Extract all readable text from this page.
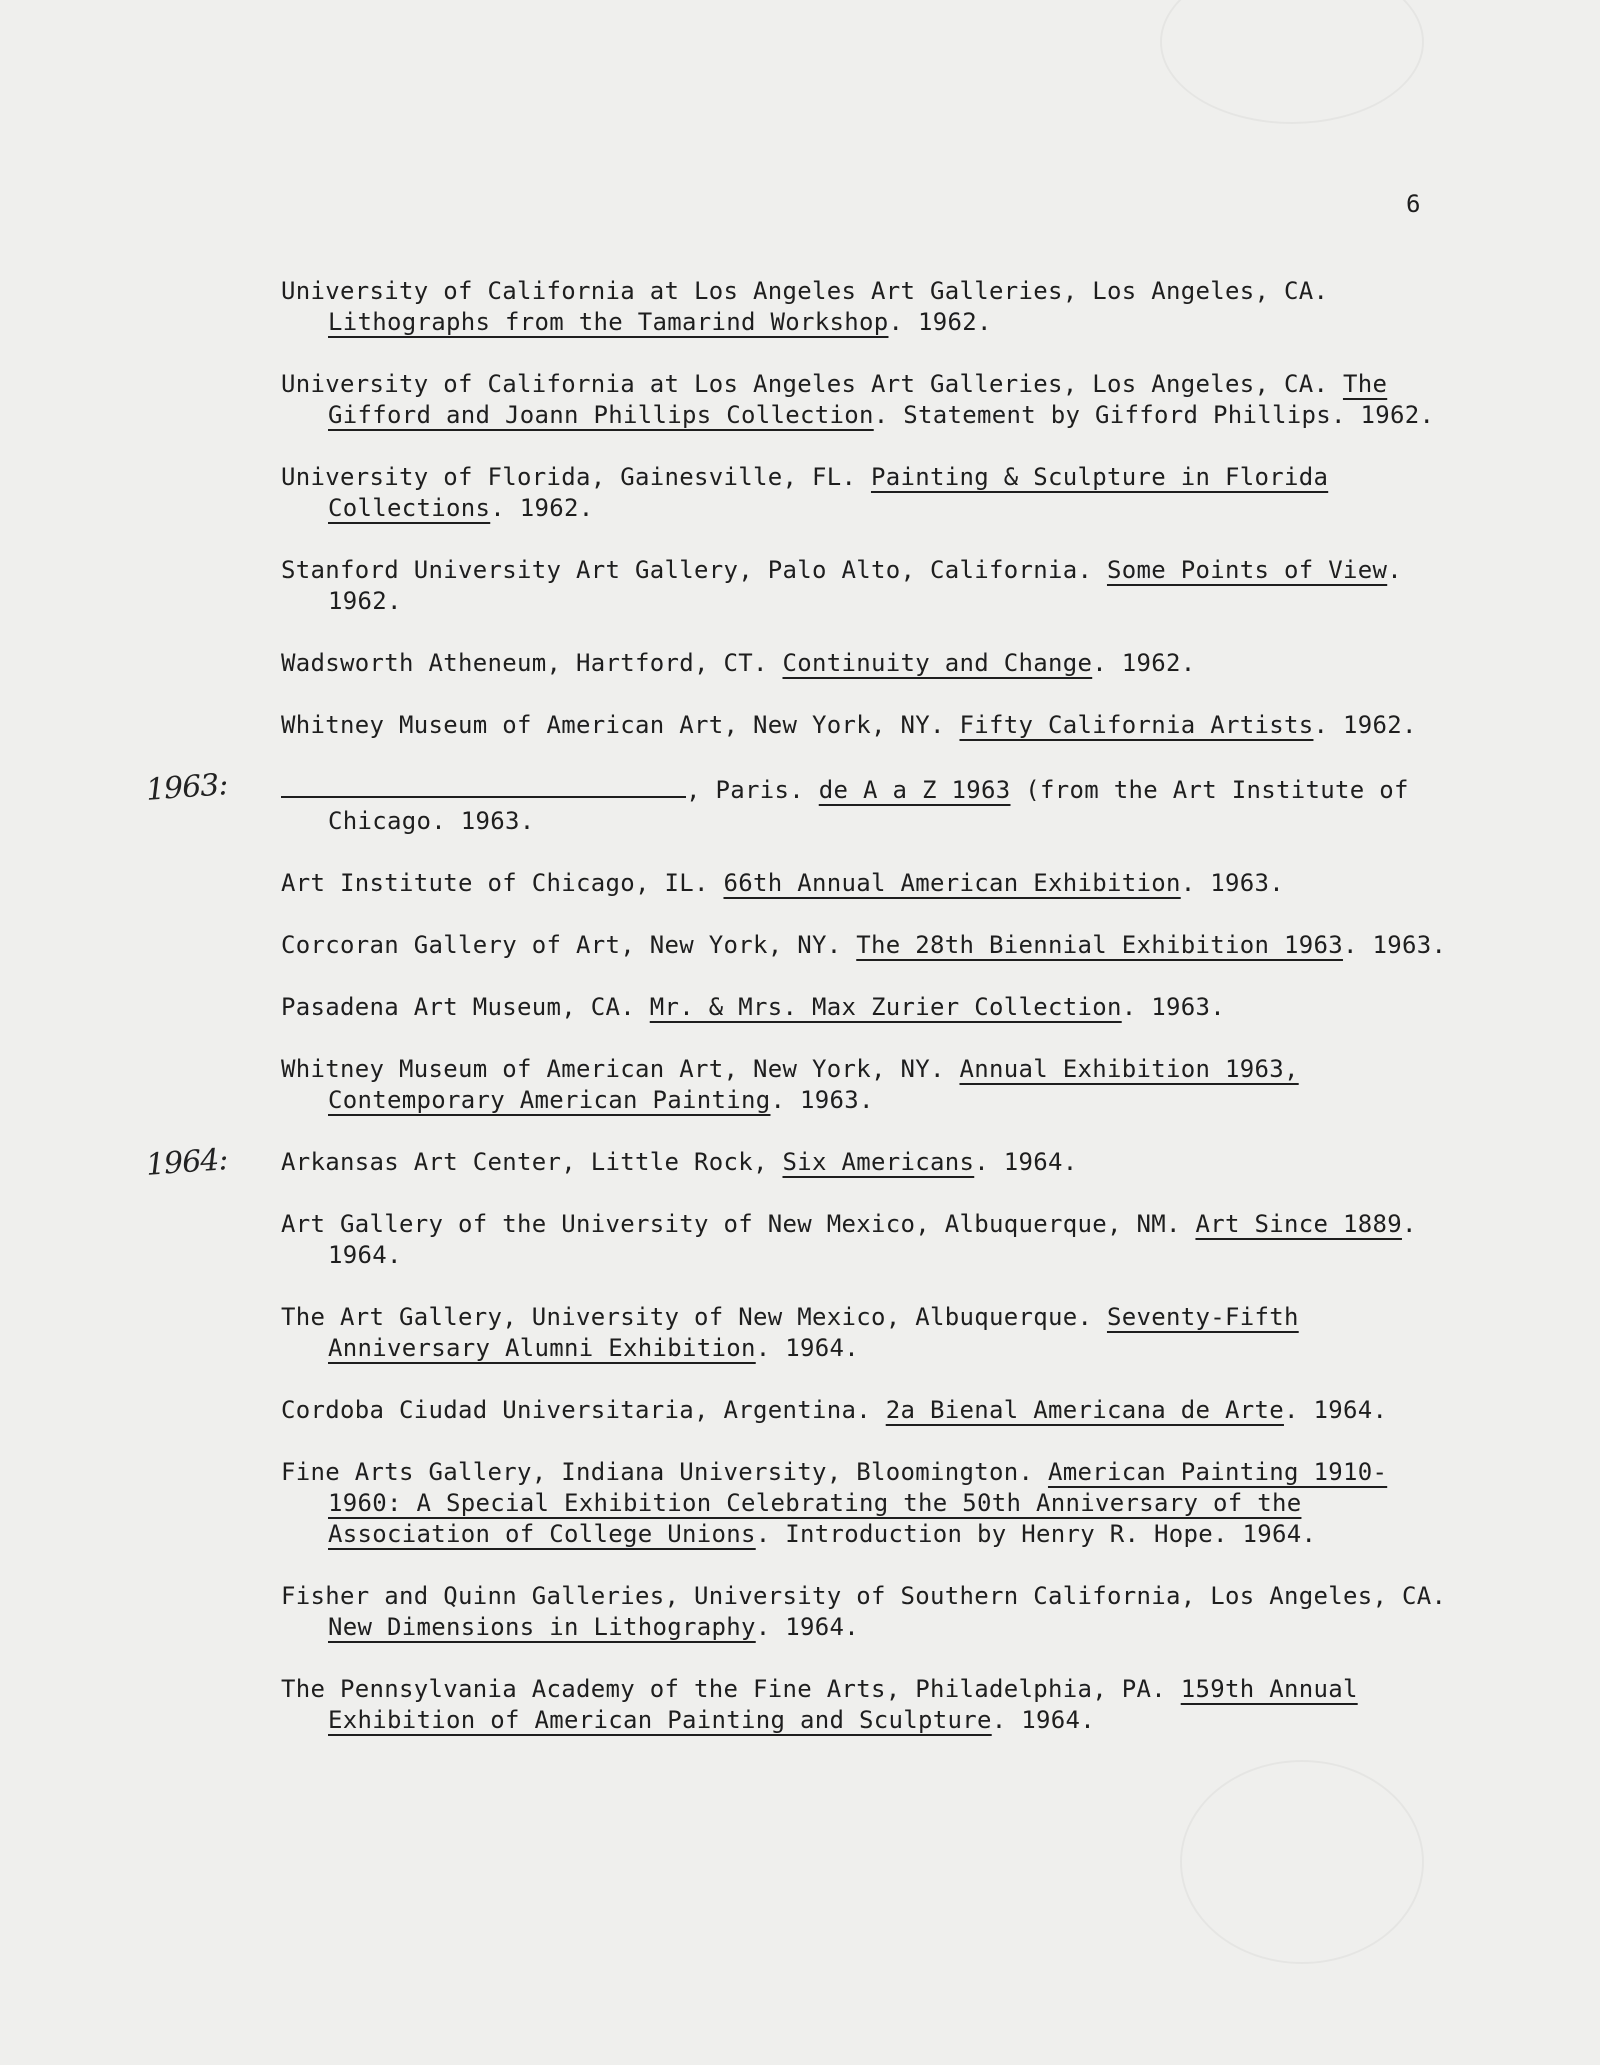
6

University of California at Los Angeles Art Galleries, Los Angeles, CA. Lithographs from the Tamarind Workshop. 1962.

University of California at Los Angeles Art Galleries, Los Angeles, CA. The Gifford and Joann Phillips Collection. Statement by Gifford Phillips. 1962.

University of Florida, Gainesville, FL. Painting & Sculpture in Florida Collections. 1962.

Stanford University Art Gallery, Palo Alto, California. Some Points of View. 1962.

Wadsworth Atheneum, Hartford, CT. Continuity and Change. 1962.

Whitney Museum of American Art, New York, NY. Fifty California Artists. 1962.

1963:	, Paris. de A a Z 1963 (from the Art Institute of Chicago. 1963.

Art Institute of Chicago, IL. 66th Annual American Exhibition. 1963.

Corcoran Gallery of Art, New York, NY. The 28th Biennial Exhibition 1963. 1963.

Pasadena Art Museum, CA. Mr. & Mrs. Max Zurier Collection. 1963.

Whitney Museum of American Art, New York, NY. Annual Exhibition 1963, Contemporary American Painting. 1963.

1964: Arkansas Art Center, Little Rock, Six Americans. 1964.

Art Gallery of the University of New Mexico, Albuquerque, NM. Art Since 1889. 1964.

The Art Gallery, University of New Mexico, Albuquerque. Seventy-Fifth Anniversary Alumni Exhibition. 1964.

Cordoba Ciudad Universitaria, Argentina. 2a Bienal Americana de Arte. 1964.

Fine Arts Gallery, Indiana University, Bloomington. American Painting 1910-1960: A Special Exhibition Celebrating the 50th Anniversary of the Association of College Unions. Introduction by Henry R. Hope. 1964.

Fisher and Quinn Galleries, University of Southern California, Los Angeles, CA. New Dimensions in Lithography. 1964.

The Pennsylvania Academy of the Fine Arts, Philadelphia, PA. 159th Annual Exhibition of American Painting and Sculpture. 1964.
